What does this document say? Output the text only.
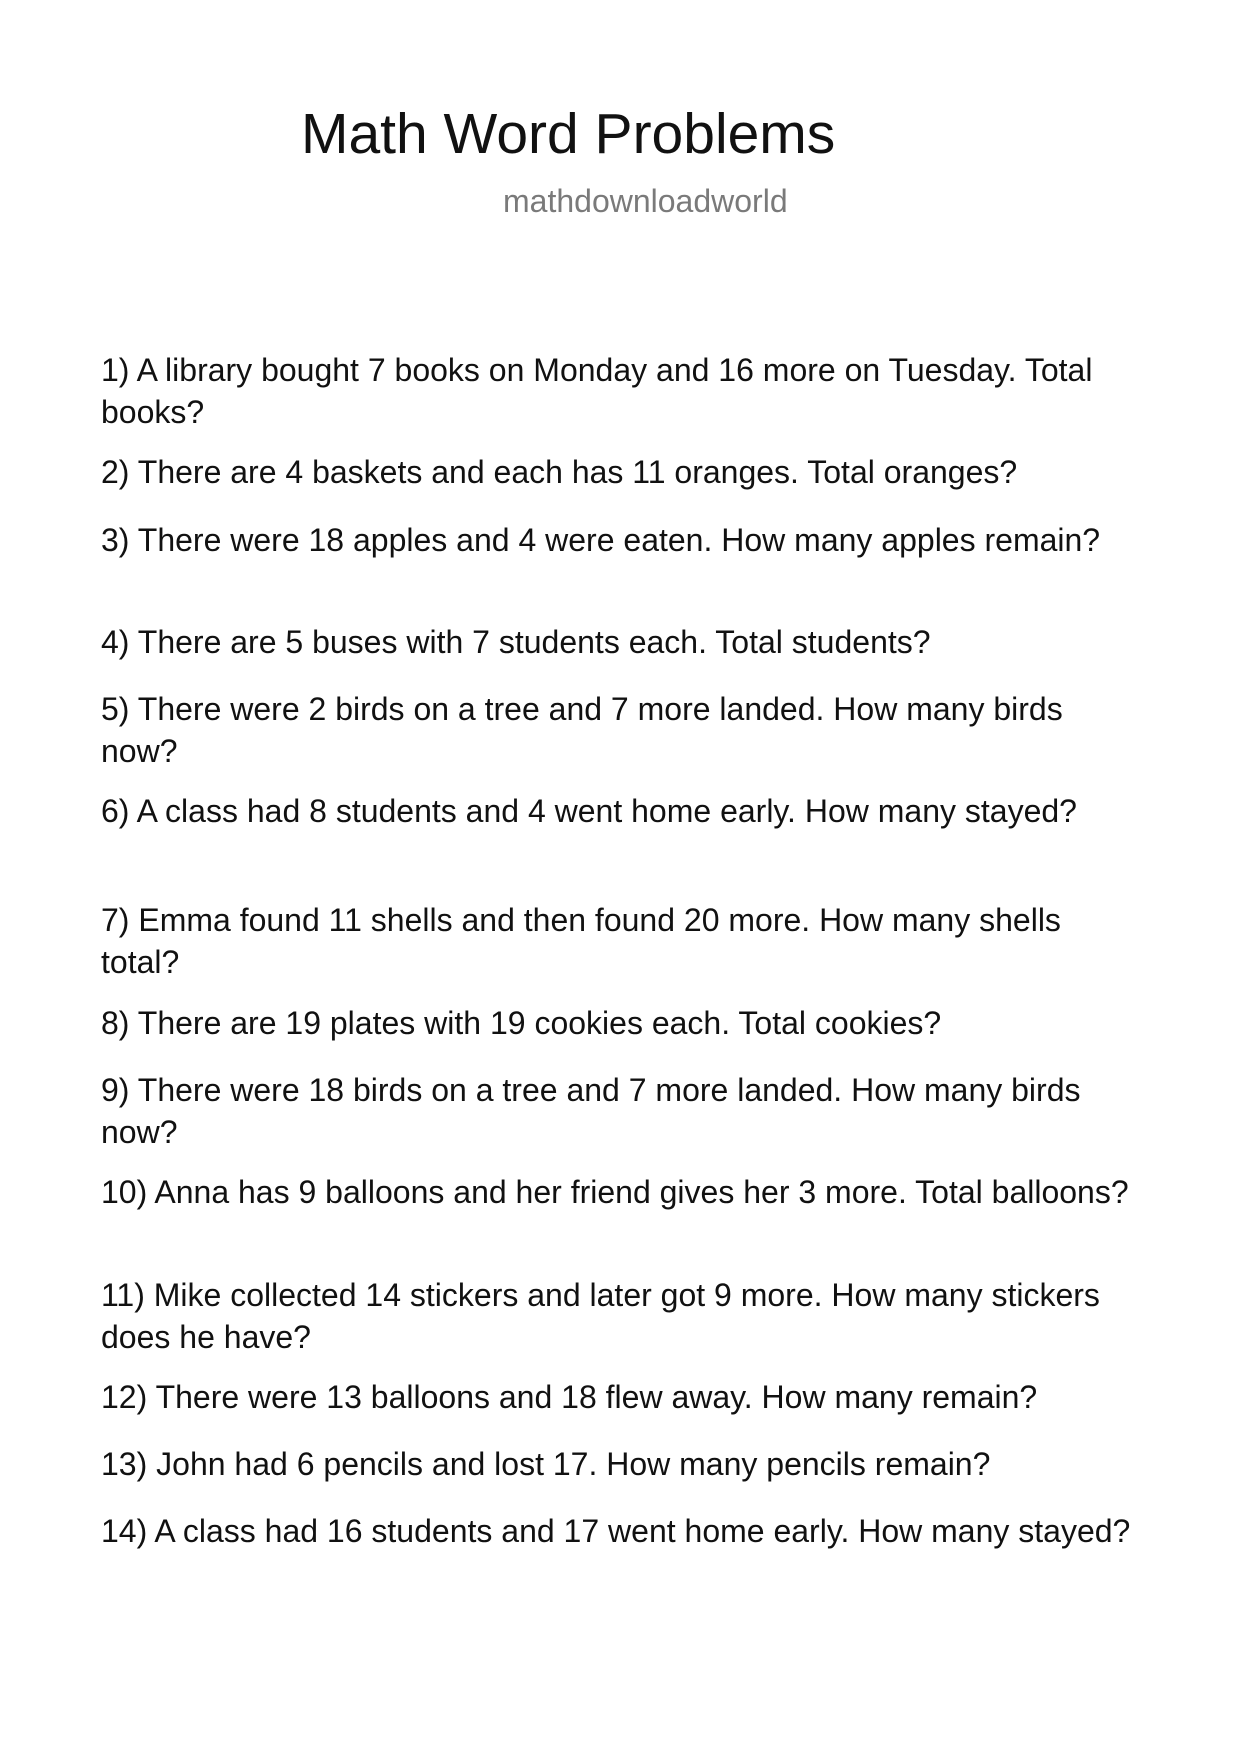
Math Word Problems

mathdownloadworld

1) A library bought 7 books on Monday and 16 more on Tuesday. Total books?

2) There are 4 baskets and each has 11 oranges. Total oranges?

3) There were 18 apples and 4 were eaten. How many apples remain?

4) There are 5 buses with 7 students each. Total students?

5) There were 2 birds on a tree and 7 more landed. How many birds now?

6) A class had 8 students and 4 went home early. How many stayed?

7) Emma found 11 shells and then found 20 more. How many shells total?

8) There are 19 plates with 19 cookies each. Total cookies?

9) There were 18 birds on a tree and 7 more landed. How many birds now?

10) Anna has 9 balloons and her friend gives her 3 more. Total balloons?

11) Mike collected 14 stickers and later got 9 more. How many stickers does he have?

12) There were 13 balloons and 18 flew away. How many remain?

13) John had 6 pencils and lost 17. How many pencils remain?

14) A class had 16 students and 17 went home early. How many stayed?
